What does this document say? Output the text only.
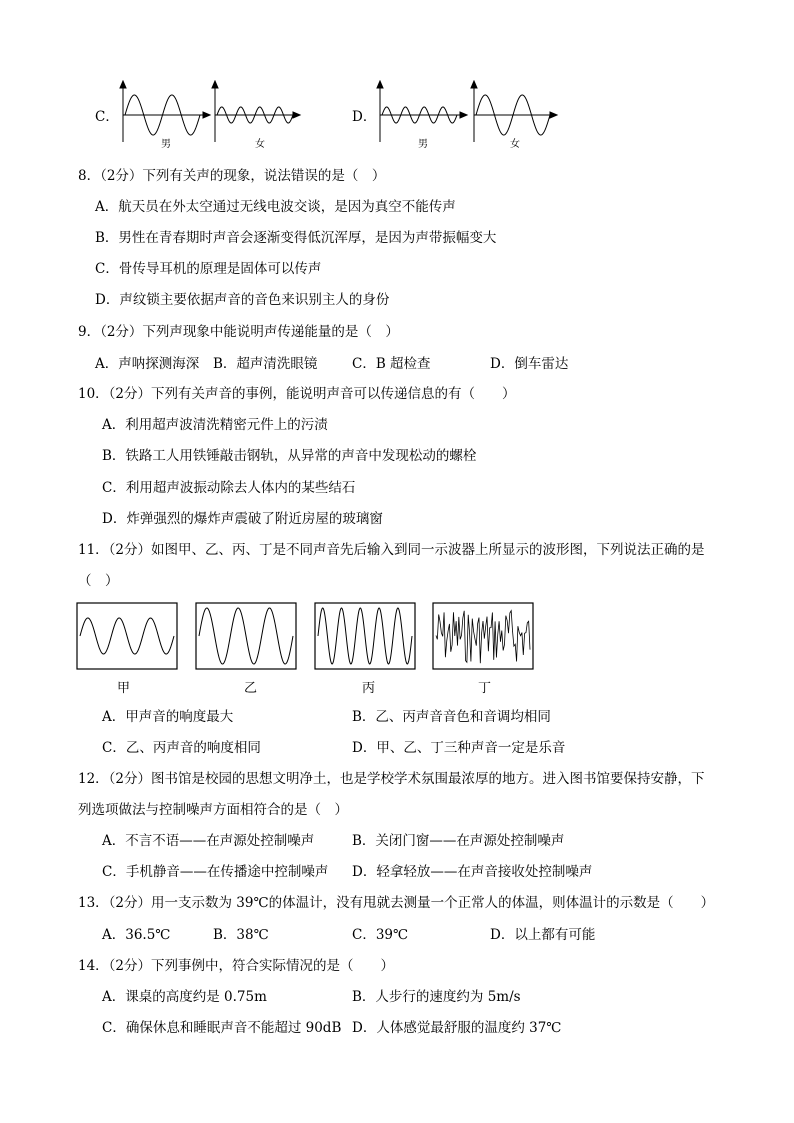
C．
男	女
D．
男	女
8．（2分）下列有关声的现象，说法错误的是（　）
A．航天员在外太空通过无线电波交谈，是因为真空不能传声
B．男性在青春期时声音会逐渐变得低沉浑厚，是因为声带振幅变大
C．骨传导耳机的原理是固体可以传声
D．声纹锁主要依据声音的音色来识别主人的身份
9．（2分）下列声现象中能说明声传递能量的是（　）
A．声呐探测海深 B．超声清洗眼镜	C．B 超检查	D．倒车雷达
10．（2分）下列有关声音的事例，能说明声音可以传递信息的有（　　）
A．利用超声波清洗精密元件上的污渍
B．铁路工人用铁锤敲击钢轨，从异常的声音中发现松动的螺栓
C．利用超声波振动除去人体内的某些结石
D．炸弹强烈的爆炸声震破了附近房屋的玻璃窗
11．（2分）如图甲、乙、丙、丁是不同声音先后输入到同一示波器上所显示的波形图，下列说法正确的是
（　）
甲	乙	丙	丁
A．甲声音的响度最大	B．乙、丙声音音色和音调均相同
C．乙、丙声音的响度相同	D．甲、乙、丁三种声音一定是乐音
12．（2分）图书馆是校园的思想文明净土，也是学校学术氛围最浓厚的地方。进入图书馆要保持安静，下
列选项做法与控制噪声方面相符合的是（　）
A．不言不语——在声源处控制噪声	B．关闭门窗——在声源处控制噪声
C．手机静音——在传播途中控制噪声 D．轻拿轻放——在声音接收处控制噪声
13．（2分）用一支示数为 39℃的体温计，没有甩就去测量一个正常人的体温，则体温计的示数是（　　）
A．36.5℃	B．38℃	C．39℃	D．以上都有可能
14．（2分）下列事例中，符合实际情况的是（　　）
A．课桌的高度约是 0.75m	B．人步行的速度约为 5m/s
C．确保休息和睡眠声音不能超过 90dB D．人体感觉最舒服的温度约 37℃
